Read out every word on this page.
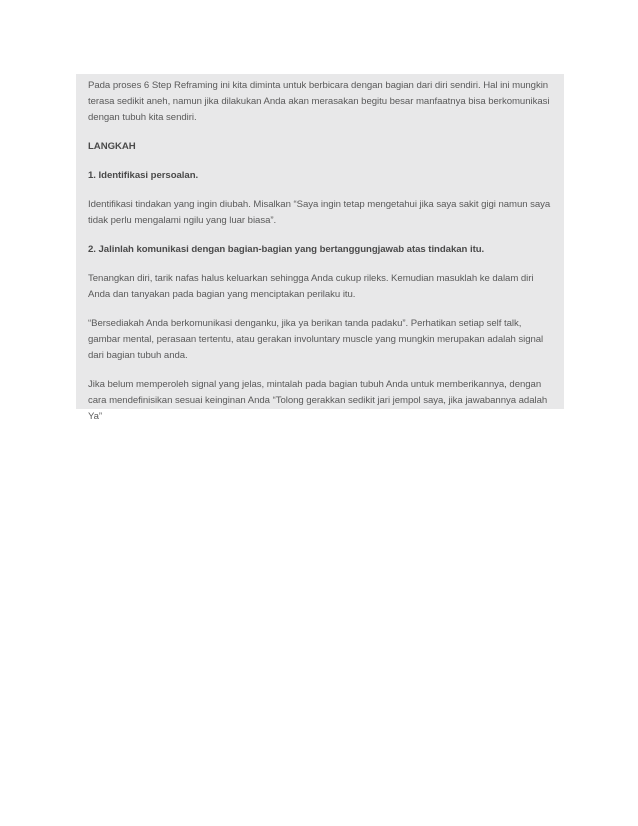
Pada proses 6 Step Reframing ini kita diminta untuk berbicara dengan bagian dari diri sendiri. Hal ini mungkin terasa sedikit aneh, namun jika dilakukan Anda akan merasakan begitu besar manfaatnya bisa berkomunikasi dengan tubuh kita sendiri.

LANGKAH

1. Identifikasi persoalan.

Identifikasi tindakan yang ingin diubah. Misalkan “Saya ingin tetap mengetahui jika saya sakit gigi namun saya tidak perlu mengalami ngilu yang luar biasa”.

2. Jalinlah komunikasi dengan bagian-bagian yang bertanggungjawab atas tindakan itu.

Tenangkan diri, tarik nafas halus keluarkan sehingga Anda cukup rileks. Kemudian masuklah ke dalam diri Anda dan tanyakan pada bagian yang menciptakan perilaku itu.

“Bersediakah Anda berkomunikasi denganku, jika ya berikan tanda padaku”. Perhatikan setiap self talk, gambar mental, perasaan tertentu, atau gerakan involuntary muscle yang mungkin merupakan adalah signal dari bagian tubuh anda.

Jika belum memperoleh signal yang jelas, mintalah pada bagian tubuh Anda untuk memberikannya, dengan cara mendefinisikan sesuai keinginan Anda “Tolong gerakkan sedikit jari jempol saya, jika jawabannya adalah Ya”
